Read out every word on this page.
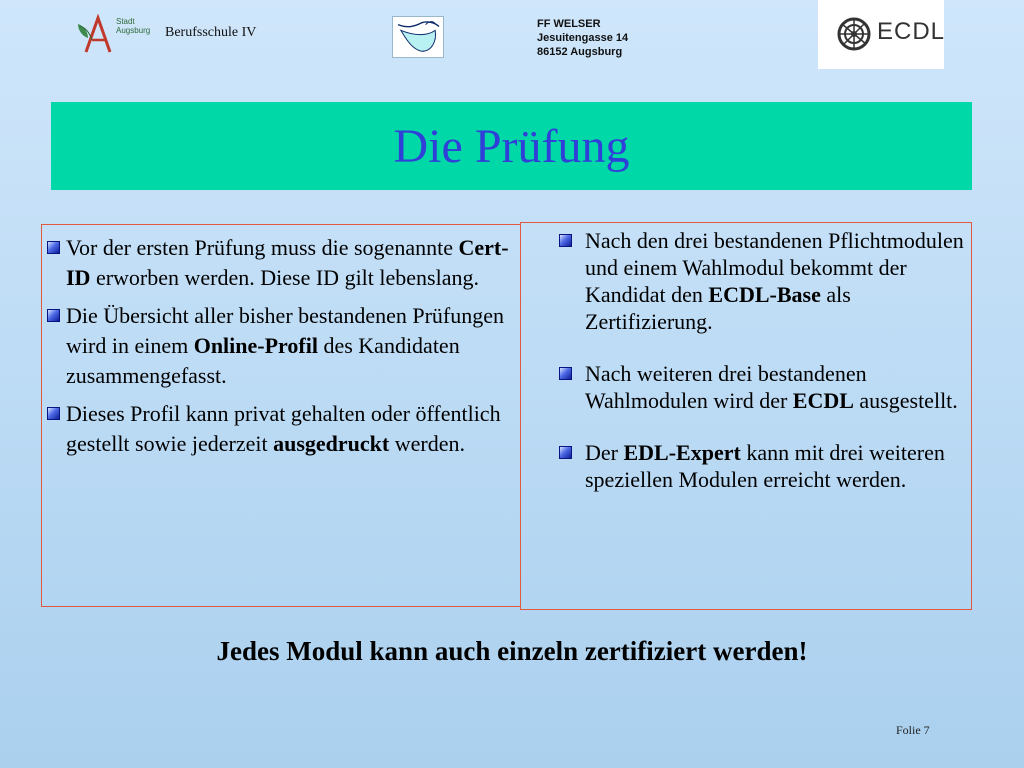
Stadt
Augsburg Berufsschule IV
FF WELSER
Jesuitengasse 14
86152 Augsburg
ECDL
Die Prüfung
Vor der ersten Prüfung muss die sogenannte Cert-ID erworben werden. Diese ID gilt lebenslang.
Die Übersicht aller bisher bestandenen Prüfungen wird in einem Online-Profil des Kandidaten zusammengefasst.
Dieses Profil kann privat gehalten oder öffentlich gestellt sowie jederzeit ausgedruckt werden.
Nach den drei bestandenen Pflichtmodulen und einem Wahlmodul bekommt der Kandidat den ECDL-Base als Zertifizierung.
Nach weiteren drei bestandenen Wahlmodulen wird der ECDL ausgestellt.
Der EDL-Expert kann mit drei weiteren speziellen Modulen erreicht werden.
Jedes Modul kann auch einzeln zertifiziert werden!
Folie 7
